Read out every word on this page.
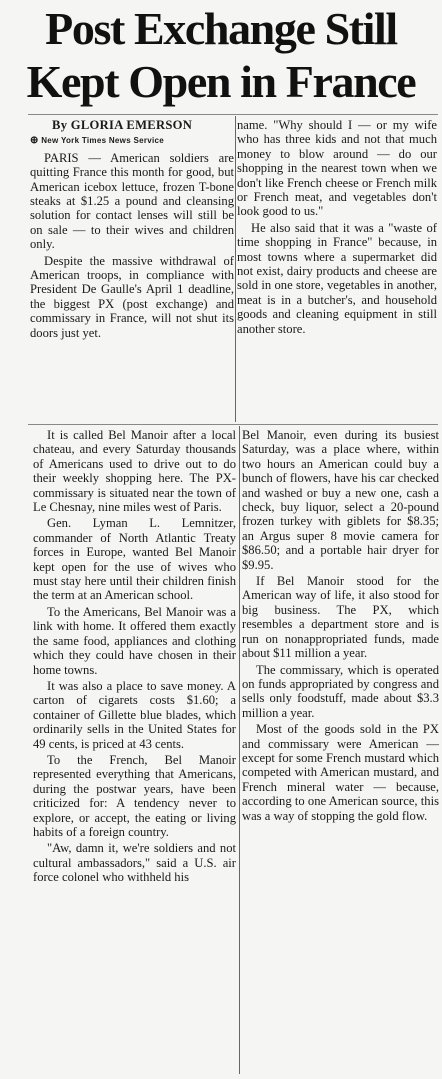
Post Exchange Still
Kept Open in France

By GLORIA EMERSON

⊕ New York Times News Service

PARIS — American soldiers are quitting France this month for good, but American icebox lettuce, frozen T-bone steaks at $1.25 a pound and cleansing solution for contact lenses will still be on sale — to their wives and children only.

Despite the massive withdrawal of American troops, in compliance with President De Gaulle's April 1 deadline, the biggest PX (post exchange) and commissary in France, will not shut its doors just yet.

name. "Why should I — or my wife who has three kids and not that much money to blow around — do our shopping in the nearest town when we don't like French cheese or French milk or French meat, and vegetables don't look good to us."

He also said that it was a "waste of time shopping in France" because, in most towns where a supermarket did not exist, dairy products and cheese are sold in one store, vegetables in another, meat is in a butcher's, and household goods and cleaning equipment in still another store.

It is called Bel Manoir after a local chateau, and every Saturday thousands of Americans used to drive out to do their weekly shopping here. The PX-commissary is situated near the town of Le Chesnay, nine miles west of Paris.

Gen. Lyman L. Lemnitzer, commander of North Atlantic Treaty forces in Europe, wanted Bel Manoir kept open for the use of wives who must stay here until their children finish the term at an American school.

To the Americans, Bel Manoir was a link with home. It offered them exactly the same food, appliances and clothing which they could have chosen in their home towns.

It was also a place to save money. A carton of cigarets costs $1.60; a container of Gillette blue blades, which ordinarily sells in the United States for 49 cents, is priced at 43 cents.

To the French, Bel Manoir represented everything that Americans, during the postwar years, have been criticized for: A tendency never to explore, or accept, the eating or living habits of a foreign country.

"Aw, damn it, we're soldiers and not cultural ambassadors," said a U.S. air force colonel who withheld his

Bel Manoir, even during its busiest Saturday, was a place where, within two hours an American could buy a bunch of flowers, have his car checked and washed or buy a new one, cash a check, buy liquor, select a 20-pound frozen turkey with giblets for $8.35; an Argus super 8 movie camera for $86.50; and a portable hair dryer for $9.95.

If Bel Manoir stood for the American way of life, it also stood for big business. The PX, which resembles a department store and is run on nonappropriated funds, made about $11 million a year.

The commissary, which is operated on funds appropriated by congress and sells only foodstuff, made about $3.3 million a year.

Most of the goods sold in the PX and commissary were American — except for some French mustard which competed with American mustard, and French mineral water — because, according to one American source, this was a way of stopping the gold flow.
